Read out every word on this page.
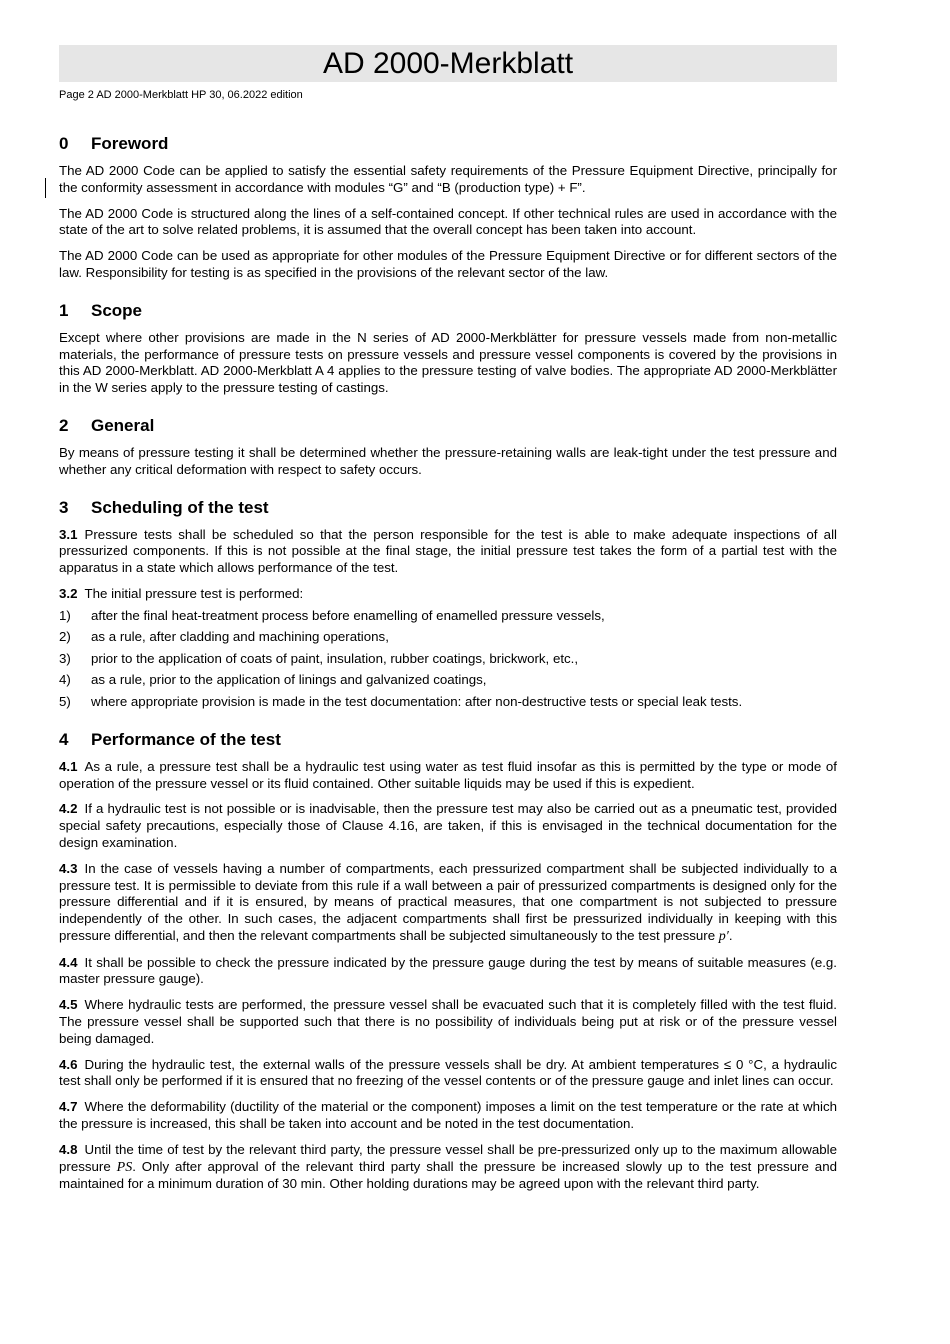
AD 2000-Merkblatt
Page 2 AD 2000-Merkblatt HP 30, 06.2022 edition
0 Foreword

The AD 2000 Code can be applied to satisfy the essential safety requirements of the Pressure Equipment Directive, principally for the conformity assessment in accordance with modules “G” and “B (production type) + F”.

The AD 2000 Code is structured along the lines of a self-contained concept. If other technical rules are used in accordance with the state of the art to solve related problems, it is assumed that the overall concept has been taken into account.

The AD 2000 Code can be used as appropriate for other modules of the Pressure Equipment Directive or for different sectors of the law. Responsibility for testing is as specified in the provisions of the relevant sector of the law.

1 Scope

Except where other provisions are made in the N series of AD 2000-Merkblätter for pressure vessels made from non-metallic materials, the performance of pressure tests on pressure vessels and pressure vessel components is covered by the provisions in this AD 2000-Merkblatt. AD 2000-Merkblatt A 4 applies to the pressure testing of valve bodies. The appropriate AD 2000-Merkblätter in the W series apply to the pressure testing of castings.

2 General

By means of pressure testing it shall be determined whether the pressure-retaining walls are leak-tight under the test pressure and whether any critical deformation with respect to safety occurs.

3 Scheduling of the test

3.1 Pressure tests shall be scheduled so that the person responsible for the test is able to make adequate inspections of all pressurized components. If this is not possible at the final stage, the initial pressure test takes the form of a partial test with the apparatus in a state which allows performance of the test.

3.2 The initial pressure test is performed:

1)	after the final heat-treatment process before enamelling of enamelled pressure vessels,
2)	as a rule, after cladding and machining operations,
3)	prior to the application of coats of paint, insulation, rubber coatings, brickwork, etc.,
4)	as a rule, prior to the application of linings and galvanized coatings,
5)	where appropriate provision is made in the test documentation: after non-destructive tests or special leak tests.
4 Performance of the test

4.1 As a rule, a pressure test shall be a hydraulic test using water as test fluid insofar as this is permitted by the type or mode of operation of the pressure vessel or its fluid contained. Other suitable liquids may be used if this is expedient.

4.2 If a hydraulic test is not possible or is inadvisable, then the pressure test may also be carried out as a pneumatic test, provided special safety precautions, especially those of Clause 4.16, are taken, if this is envisaged in the technical documentation for the design examination.

4.3 In the case of vessels having a number of compartments, each pressurized compartment shall be subjected individually to a pressure test. It is permissible to deviate from this rule if a wall between a pair of pressurized compartments is designed only for the pressure differential and if it is ensured, by means of practical measures, that one compartment is not subjected to pressure independently of the other. In such cases, the adjacent compartments shall first be pressurized individually in keeping with this pressure differential, and then the relevant compartments shall be subjected simultaneously to the test pressure p′.

4.4 It shall be possible to check the pressure indicated by the pressure gauge during the test by means of suitable measures (e.g. master pressure gauge).

4.5 Where hydraulic tests are performed, the pressure vessel shall be evacuated such that it is completely filled with the test fluid. The pressure vessel shall be supported such that there is no possibility of individuals being put at risk or of the pressure vessel being damaged.

4.6 During the hydraulic test, the external walls of the pressure vessels shall be dry. At ambient temperatures ≤ 0 °C, a hydraulic test shall only be performed if it is ensured that no freezing of the vessel contents or of the pressure gauge and inlet lines can occur.

4.7 Where the deformability (ductility of the material or the component) imposes a limit on the test temperature or the rate at which the pressure is increased, this shall be taken into account and be noted in the test documentation.

4.8 Until the time of test by the relevant third party, the pressure vessel shall be pre-pressurized only up to the maximum allowable pressure PS. Only after approval of the relevant third party shall the pressure be increased slowly up to the test pressure and maintained for a minimum duration of 30 min. Other holding durations may be agreed upon with the relevant third party.
